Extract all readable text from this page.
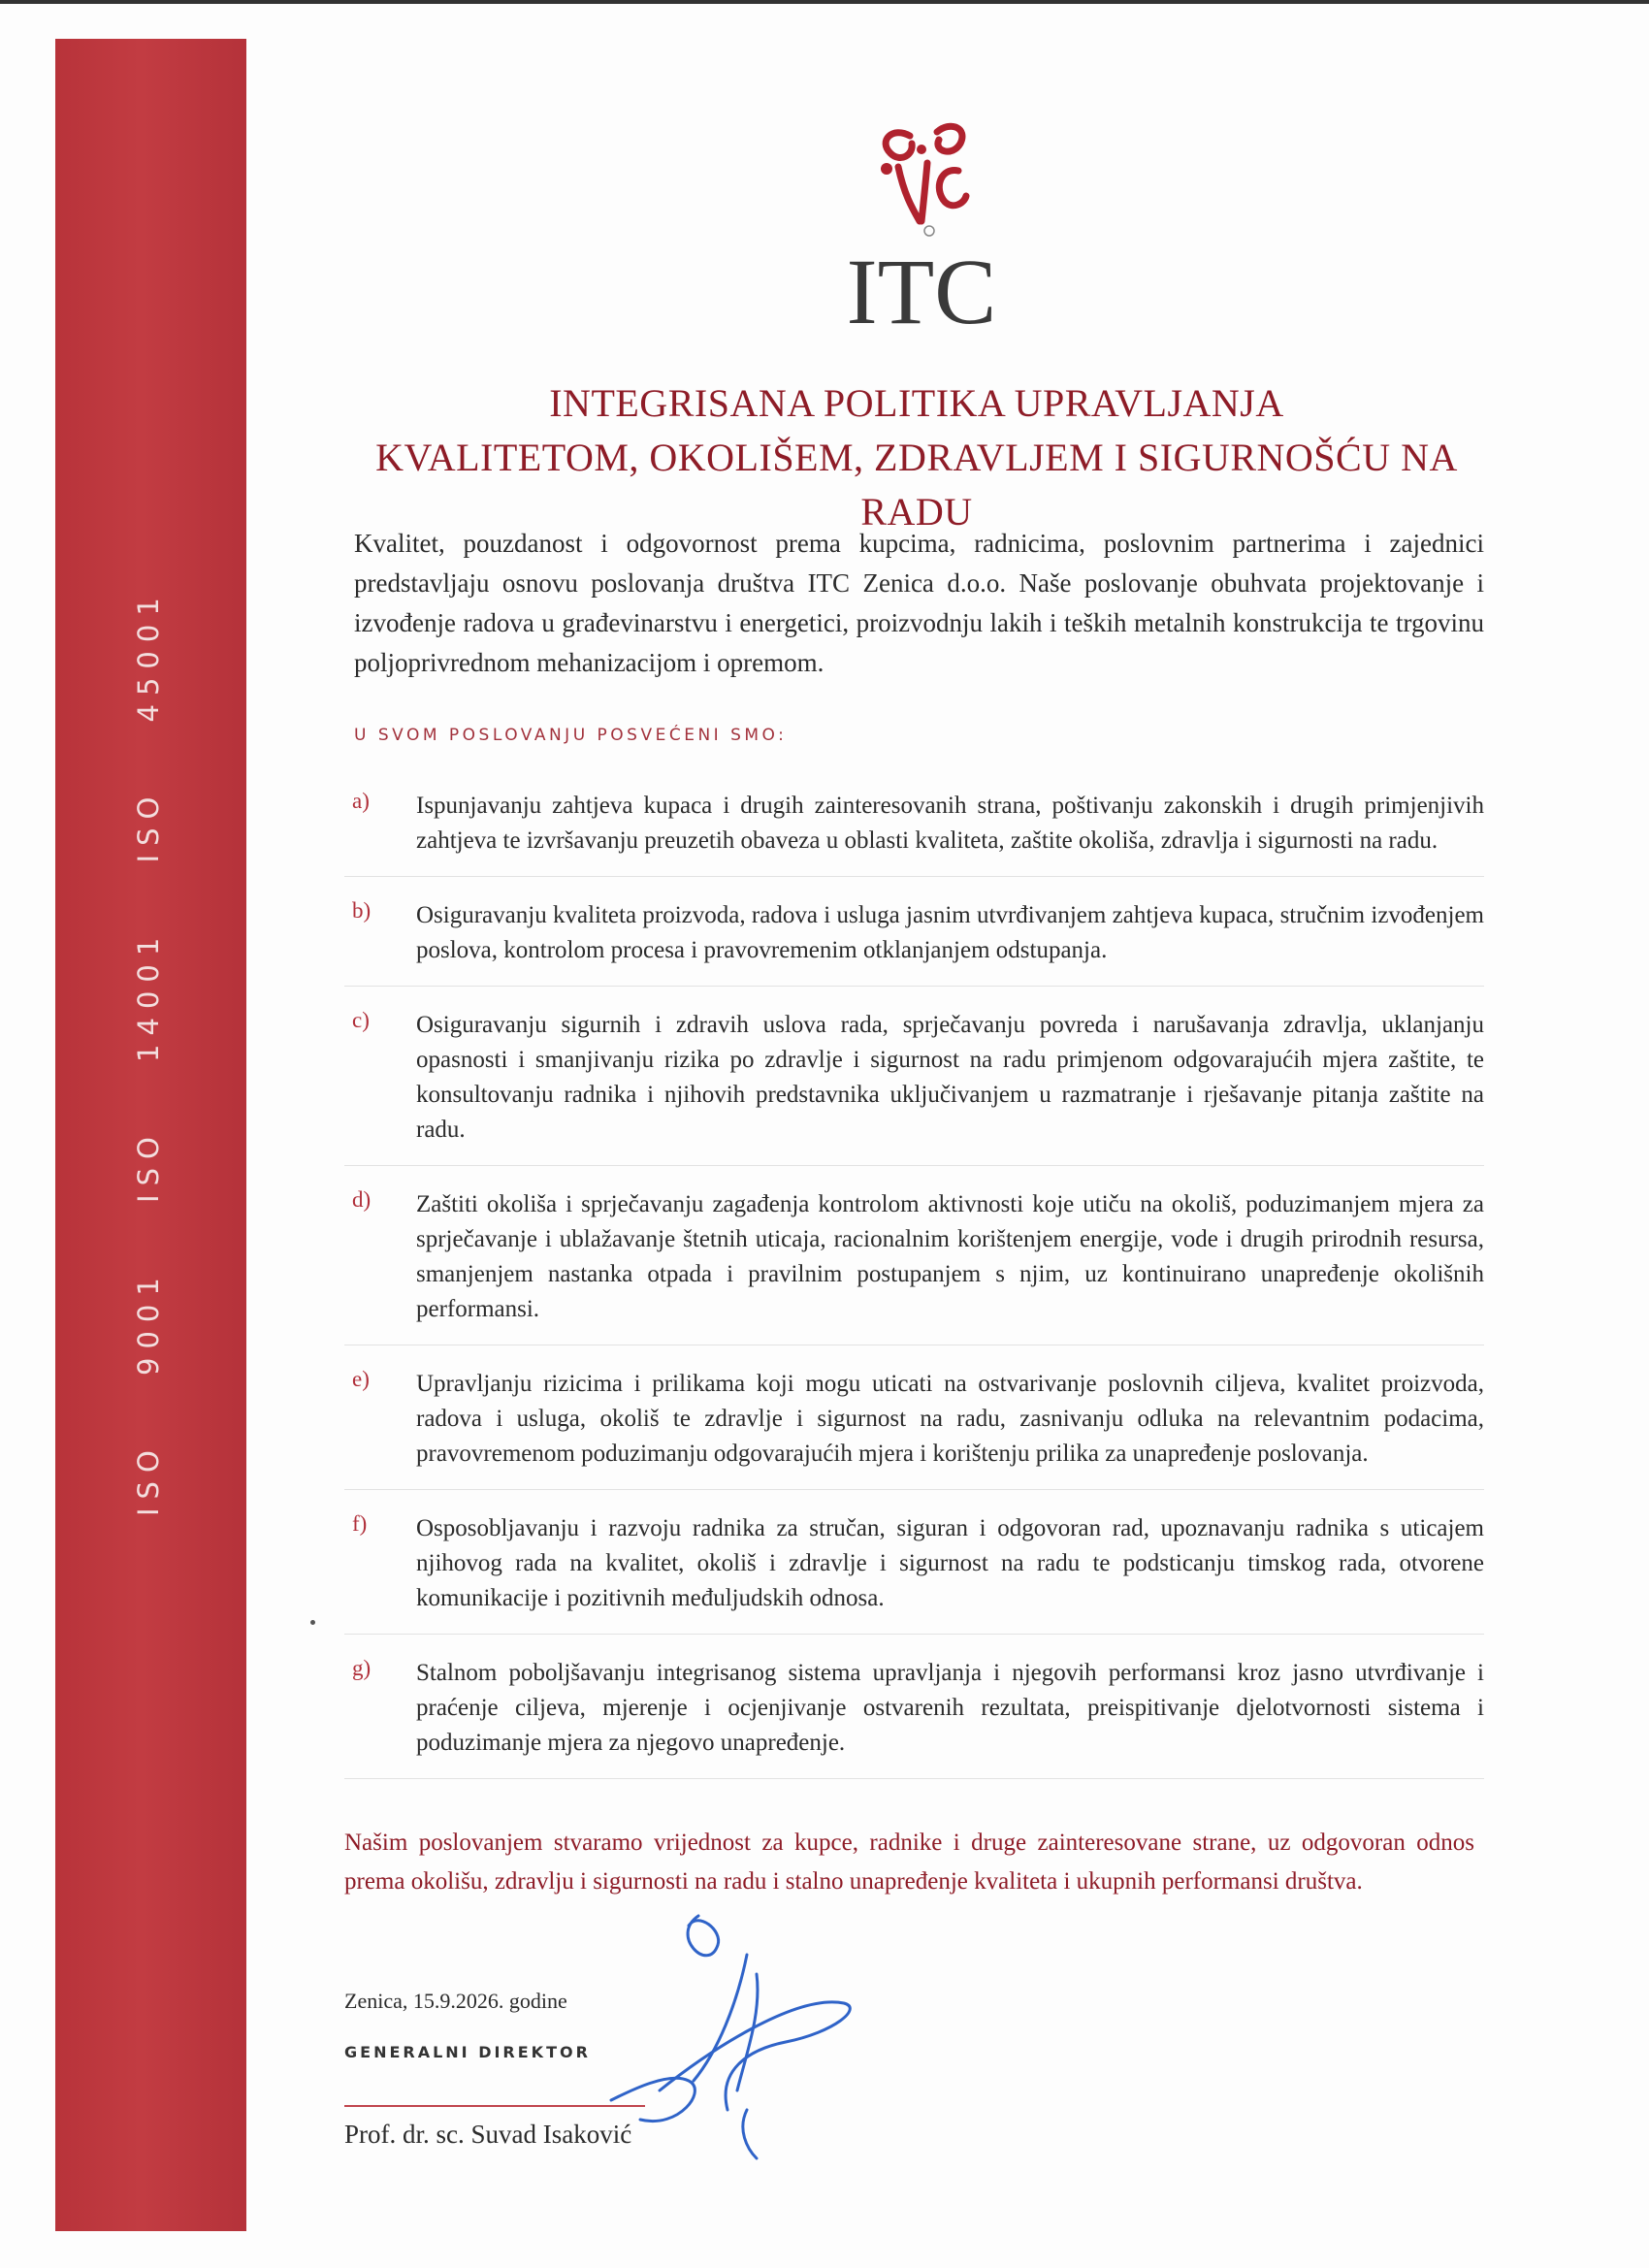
ISO 9001 ISO 14001 ISO 45001
ITC
INTEGRISANA POLITIKA UPRAVLJANJA
KVALITETOM, OKOLIŠEM, ZDRAVLJEM I SIGURNOŠĆU NA RADU
Kvalitet, pouzdanost i odgovornost prema kupcima, radnicima, poslovnim partnerima i zajednici predstavljaju osnovu poslovanja društva ITC Zenica d.o.o. Naše poslovanje obuhvata projektovanje i izvođenje radova u građevinarstvu i energetici, proizvodnju lakih i teških metalnih konstrukcija te trgovinu poljoprivrednom mehanizacijom i opremom.
U SVOM POSLOVANJU POSVEĆENI SMO:
a) Ispunjavanju zahtjeva kupaca i drugih zainteresovanih strana, poštivanju zakonskih i drugih primjenjivih zahtjeva te izvršavanju preuzetih obaveza u oblasti kvaliteta, zaštite okoliša, zdravlja i sigurnosti na radu.
b) Osiguravanju kvaliteta proizvoda, radova i usluga jasnim utvrđivanjem zahtjeva kupaca, stručnim izvođenjem poslova, kontrolom procesa i pravovremenim otklanjanjem odstupanja.
c) Osiguravanju sigurnih i zdravih uslova rada, sprječavanju povreda i narušavanja zdravlja, uklanjanju opasnosti i smanjivanju rizika po zdravlje i sigurnost na radu primjenom odgovarajućih mjera zaštite, te konsultovanju radnika i njihovih predstavnika uključivanjem u razmatranje i rješavanje pitanja zaštite na radu.
d) Zaštiti okoliša i sprječavanju zagađenja kontrolom aktivnosti koje utiču na okoliš, poduzimanjem mjera za sprječavanje i ublažavanje štetnih uticaja, racionalnim korištenjem energije, vode i drugih prirodnih resursa, smanjenjem nastanka otpada i pravilnim postupanjem s njim, uz kontinuirano unapređenje okolišnih performansi.
e) Upravljanju rizicima i prilikama koji mogu uticati na ostvarivanje poslovnih ciljeva, kvalitet proizvoda, radova i usluga, okoliš te zdravlje i sigurnost na radu, zasnivanju odluka na relevantnim podacima, pravovremenom poduzimanju odgovarajućih mjera i korištenju prilika za unapređenje poslovanja.
f) Osposobljavanju i razvoju radnika za stručan, siguran i odgovoran rad, upoznavanju radnika s uticajem njihovog rada na kvalitet, okoliš i zdravlje i sigurnost na radu te podsticanju timskog rada, otvorene komunikacije i pozitivnih međuljudskih odnosa.
g) Stalnom poboljšavanju integrisanog sistema upravljanja i njegovih performansi kroz jasno utvrđivanje i praćenje ciljeva, mjerenje i ocjenjivanje ostvarenih rezultata, preispitivanje djelotvornosti sistema i poduzimanje mjera za njegovo unapređenje.
Našim poslovanjem stvaramo vrijednost za kupce, radnike i druge zainteresovane strane, uz odgovoran odnos prema okolišu, zdravlju i sigurnosti na radu i stalno unapređenje kvaliteta i ukupnih performansi društva.
Zenica, 15.9.2026. godine
GENERALNI DIREKTOR
Prof. dr. sc. Suvad Isaković
